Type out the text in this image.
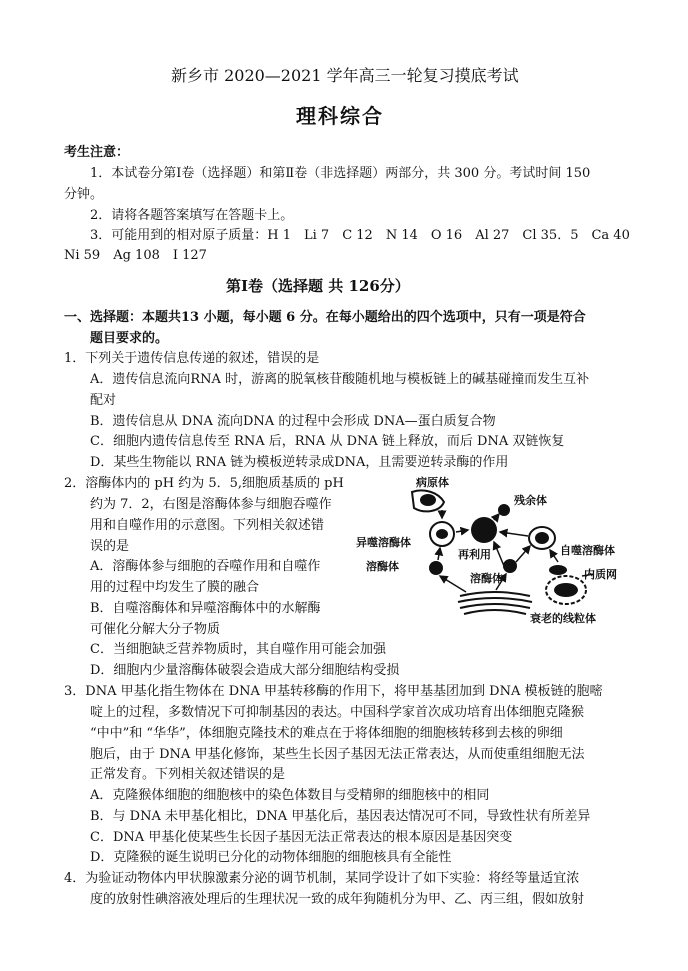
新乡市 2020—2021 学年高三一轮复习摸底考试
理科综合
考生注意：
1．本试卷分第Ⅰ卷（选择题）和第Ⅱ卷（非选择题）两部分，共 300 分。考试时间 150
分钟。
2．请将各题答案填写在答题卡上。
3．可能用到的相对原子质量：H 1　Li 7　C 12　N 14　O 16　Al 27　Cl 35．5　Ca 40
Ni 59　Ag 108　I 127
第Ⅰ卷（选择题 共 126分）
一、选择题：本题共13 小题，每小题 6 分。在每小题给出的四个选项中，只有一项是符合
题目要求的。
1．下列关于遗传信息传递的叙述，错误的是
A．遗传信息流向RNA 时，游离的脱氧核苷酸随机地与模板链上的碱基碰撞而发生互补
配对
B．遗传信息从 DNA 流向DNA 的过程中会形成 DNA—蛋白质复合物
C．细胞内遗传信息传至 RNA 后，RNA 从 DNA 链上释放，而后 DNA 双链恢复
D．某些生物能以 RNA 链为模板逆转录成DNA，且需要逆转录酶的作用
2．溶酶体内的 pH 约为 5．5,细胞质基质的 pH
约为 7．2，右图是溶酶体参与细胞吞噬作
用和自噬作用的示意图。下列相关叙述错
误的是
A．溶酶体参与细胞的吞噬作用和自噬作
用的过程中均发生了膜的融合
B．自噬溶酶体和异噬溶酶体中的水解酶
可催化分解大分子物质
C．当细胞缺乏营养物质时，其自噬作用可能会加强
D．细胞内少量溶酶体破裂会造成大部分细胞结构受损
病原体
残余体
异噬溶酶体
再利用	自噬溶酶体
溶酶体
溶酶体	内质网
衰老的线粒体
3．DNA 甲基化指生物体在 DNA 甲基转移酶的作用下，将甲基基团加到 DNA 模板链的胞嘧
啶上的过程，多数情况下可抑制基因的表达。中国科学家首次成功培育出体细胞克隆猴
“中中”和 “华华”，体细胞克隆技术的难点在于将体细胞的细胞核转移到去核的卵细
胞后，由于 DNA 甲基化修饰，某些生长因子基因无法正常表达，从而使重组细胞无法
正常发育。下列相关叙述错误的是
A．克隆猴体细胞的细胞核中的染色体数目与受精卵的细胞核中的相同
B．与 DNA 未甲基化相比，DNA 甲基化后，基因表达情况可不同，导致性状有所差异
C．DNA 甲基化使某些生长因子基因无法正常表达的根本原因是基因突变
D．克隆猴的诞生说明已分化的动物体细胞的细胞核具有全能性
4．为验证动物体内甲状腺激素分泌的调节机制，某同学设计了如下实验：将经等量适宜浓
度的放射性碘溶液处理后的生理状况一致的成年狗随机分为甲、乙、丙三组，假如放射
